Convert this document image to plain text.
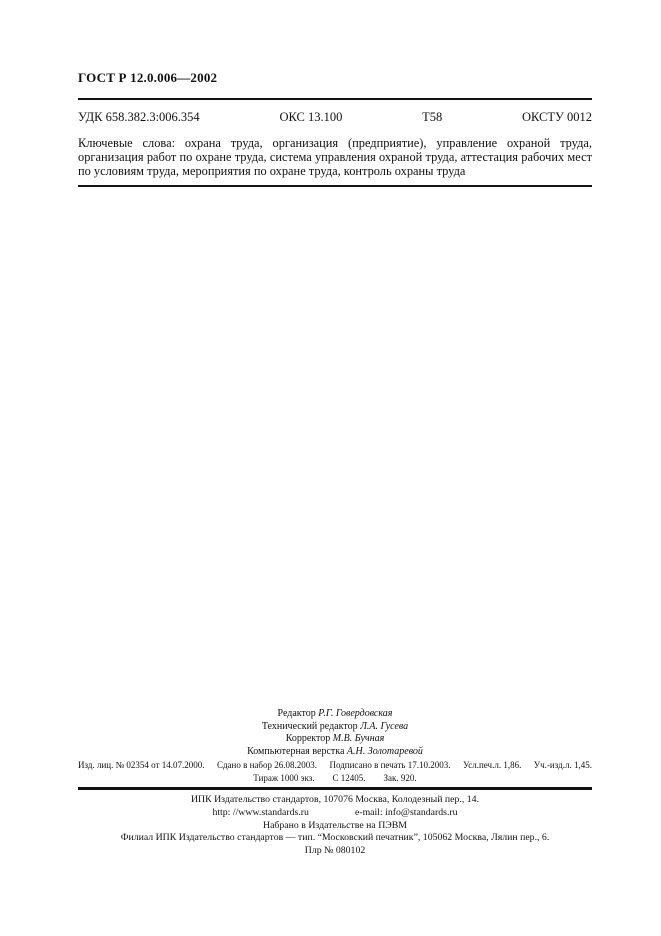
ГОСТ Р 12.0.006—2002
УДК 658.382.3:006.354	ОКС 13.100	Т58	ОКСТУ 0012
Ключевые слова: охрана труда, организация (предприятие), управление охраной труда, организация работ по охране труда, система управления охраной труда, аттестация рабочих мест по условиям труда, мероприятия по охране труда, контроль охраны труда
Редактор Р.Г. Говердовская
Технический редактор Л.А. Гусева
Корректор М.В. Бучная
Компьютерная верстка А.Н. Золотаревой
Изд. лиц. № 02354 от 14.07.2000. Сдано в набор 26.08.2003. Подписано в печать 17.10.2003. Усл.печ.л. 1,86. Уч.-изд.л. 1,45.
Тираж 1000 экз. С 12405. Зак. 920.
ИПК Издательство стандартов, 107076 Москва, Колодезный пер., 14.
http: //www.standards.ru	e-mail: info@standards.ru
Набрано в Издательстве на ПЭВМ
Филиал ИПК Издательство стандартов — тип. “Московский печатник”, 105062 Москва, Лялин пер., 6.
Плр № 080102
